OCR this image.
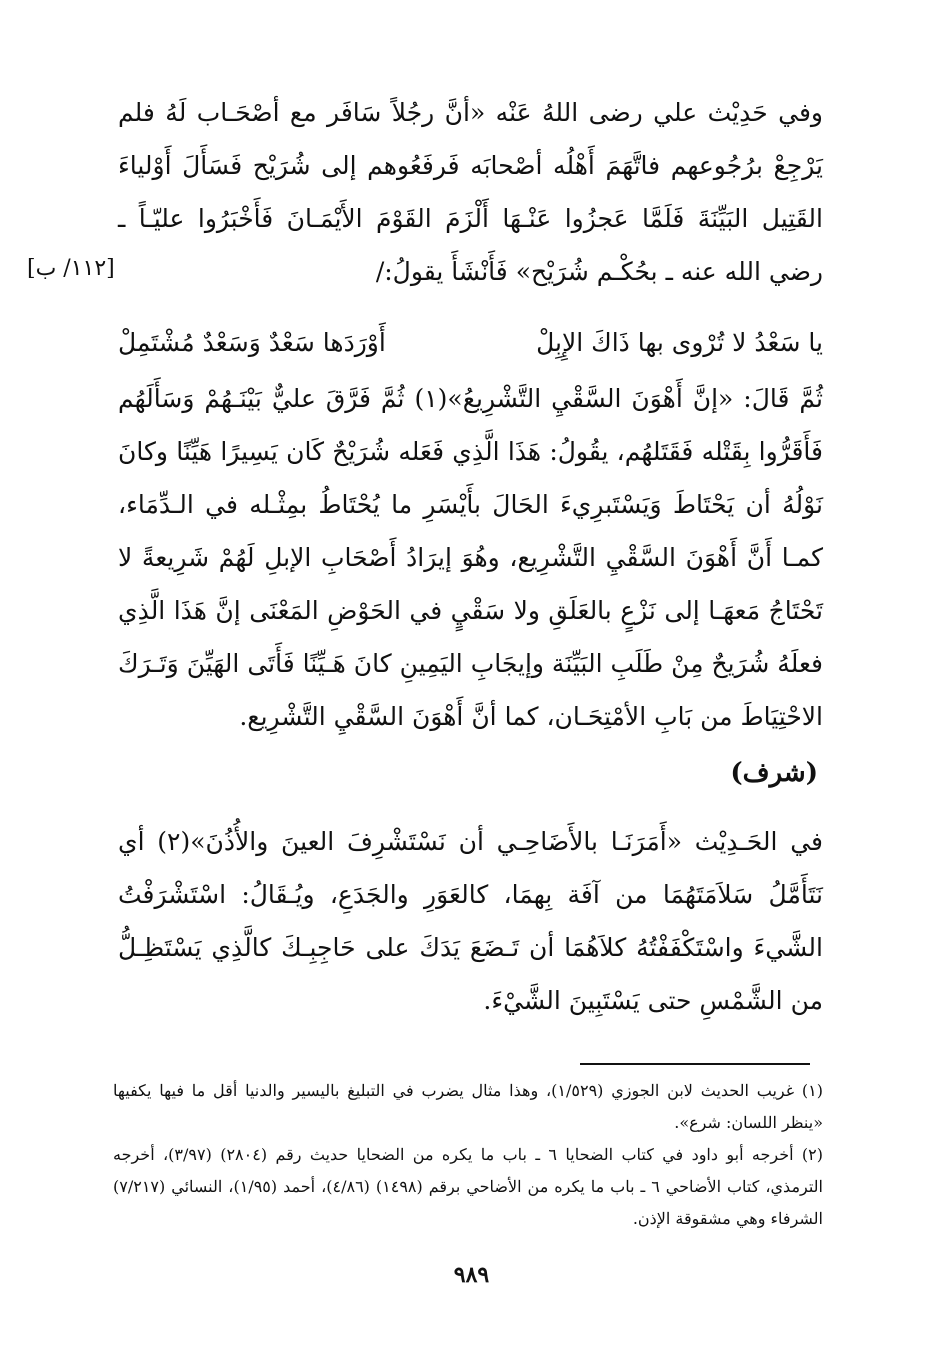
وفي حَدِيْث علي رضى اللهُ عَنْه «أنَّ رجُلاً سَافَر مع أصْحَـاب لَهُ فلم يَرْجِعْ برُجُوعهم فاتَّهَمَ أَهْلُه أصْحابَه فَرفَعُوهم إلى شُرَيْح فَسَأَلَ أَوْلياءَ القَتِيل البَيِّنَةَ فَلَمَّا عَجزُوا عَنْـهَا أَلْزَمَ القَوْمَ الأَيْمَـانَ فَأَخْبَرُوا عليّـاً ـ رضي الله عنه ـ بحُكْـم شُرَيْح» فَأَنْشَأَ يقولُ:/
[١١٢/ ب]
يا سَعْدُ لا تُرْوى بها ذَاكَ الإِبِلْ
أَوْرَدَها سَعْدٌ وَسَعْدٌ مُشْتَمِلْ
ثُمَّ قَالَ: «إنَّ أَهْوَنَ السَّقْيِ التَّشْرِيعُ»(١) ثُمَّ فَرَّقَ عليٌّ بَيْنَـهُمْ وَسَأَلَهُم فَأَقَرُّوا بِقَتْله فَقَتَلهُم، يقُولُ: هَذَا الَّذِي فَعَله شُرَيْحٌ كَان يَسِيرًا هَيِّنًا وكانَ نَوْلُهُ أن يَحْتَاطَ وَيَسْتَبرِيءَ الحَالَ بأَيْسَرِ ما يُحْتَاطُ بمِثْـله في الـدِّمَاء، كمـا أَنَّ أَهْوَنَ السَّقْيِ التَّشْرِيع، وهُوَ إيرَادُ أَصْحَابِ الإبلِ لَهُمْ شَرِيعةً لا تَحْتَاجُ مَعهَـا إلى نَزْعٍ بالعَلَقِ ولا سَقْيٍ في الحَوْضِ المَعْنَى إنَّ هَذَا الَّذِي فعلَهُ شُرَيحٌ مِنْ طَلَبِ البَيِّنَة وإيجَابِ اليَمِينِ كانَ هَـيِّنًا فَأَتَى الهَيِّنَ وَتَـرَكَ الاحْتِيَاطَ من بَابِ الأمْتِحَـان، كما أنَّ أَهْوَنَ السَّقْيِ التَّشْرِيع.
(شرف)
في الحَـدِيْث «أَمَرَنَـا بالأَضَاحِـي أن نَسْتَشْرِفَ العينَ والأُذُنَ»(٢) أي نَتَأَمَّلُ سَلاَمَتَهُمَا من آفَة بِهمَا، كالعَوَرِ والجَدَعِ، ويُـقَالُ: اسْتَشْرَفْتُ الشَّيءَ واسْتَكْفَفْتُهُ كلاَهُمَا أن تَـضَعَ يَدَكَ على حَاجِبِـكَ كالَّذِي يَسْتَظِـلُّ من الشَّمْسِ حتى يَسْتَبِينَ الشَّيْءَ.

(١) غريب الحديث لابن الجوزي (١/٥٢٩)، وهذا مثال يضرب في التبليغ باليسير والدنيا أقل ما فيها يكفيها «ينظر اللسان: شرع».

(٢) أخرجه أبو داود في كتاب الضحايا ٦ ـ باب ما يكره من الضحايا حديث رقم (٢٨٠٤) (٣/٩٧)، أخرجه الترمذي، كتاب الأضاحي ٦ ـ باب ما يكره من الأضاحي برقم (١٤٩٨) (٤/٨٦)، أحمد (١/٩٥)، النسائي (٧/٢١٧) الشرفاء وهي مشقوقة الإذن.

٩٨٩
